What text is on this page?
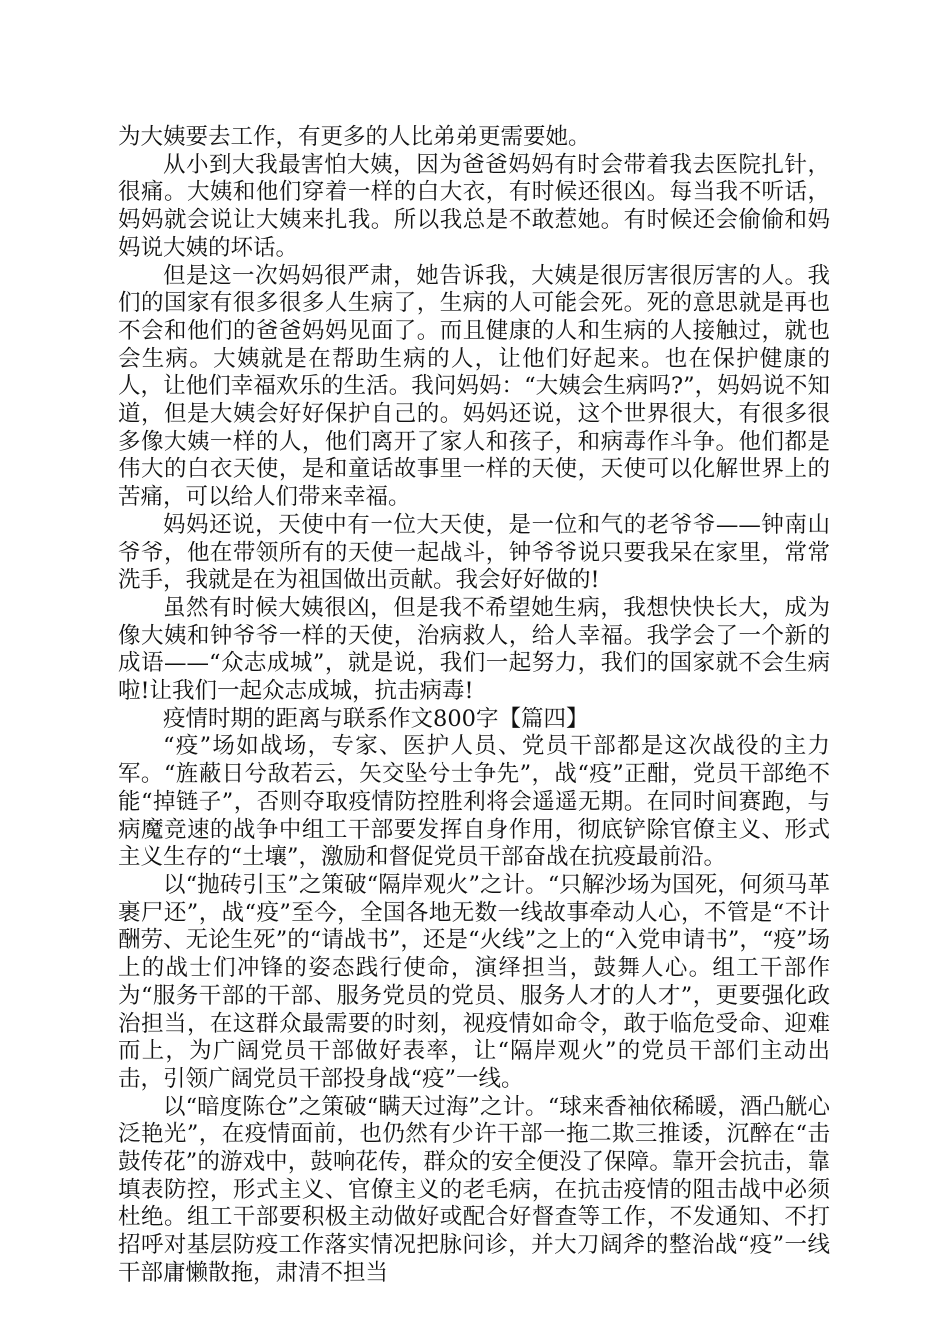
为大姨要去工作，有更多的人比弟弟更需要她。

从小到大我最害怕大姨，因为爸爸妈妈有时会带着我去医院扎针，很痛。大姨和他们穿着一样的白大衣，有时候还很凶。每当我不听话，妈妈就会说让大姨来扎我。所以我总是不敢惹她。有时候还会偷偷和妈妈说大姨的坏话。

但是这一次妈妈很严肃，她告诉我，大姨是很厉害很厉害的人。我们的国家有很多很多人生病了，生病的人可能会死。死的意思就是再也不会和他们的爸爸妈妈见面了。而且健康的人和生病的人接触过，就也会生病。大姨就是在帮助生病的人，让他们好起来。也在保护健康的人，让他们幸福欢乐的生活。我问妈妈：“大姨会生病吗?”，妈妈说不知道，但是大姨会好好保护自己的。妈妈还说，这个世界很大，有很多很多像大姨一样的人，他们离开了家人和孩子，和病毒作斗争。他们都是伟大的白衣天使，是和童话故事里一样的天使，天使可以化解世界上的苦痛，可以给人们带来幸福。

妈妈还说，天使中有一位大天使，是一位和气的老爷爷——钟南山爷爷，他在带领所有的天使一起战斗，钟爷爷说只要我呆在家里，常常洗手，我就是在为祖国做出贡献。我会好好做的!

虽然有时候大姨很凶，但是我不希望她生病，我想快快长大，成为像大姨和钟爷爷一样的天使，治病救人，给人幸福。我学会了一个新的成语——“众志成城”，就是说，我们一起努力，我们的国家就不会生病啦!让我们一起众志成城，抗击病毒!

疫情时期的距离与联系作文800字【篇四】

“疫”场如战场，专家、医护人员、党员干部都是这次战役的主力军。“旌蔽日兮敌若云，矢交坠兮士争先”，战“疫”正酣，党员干部绝不能“掉链子”，否则夺取疫情防控胜利将会遥遥无期。在同时间赛跑，与病魔竞速的战争中组工干部要发挥自身作用，彻底铲除官僚主义、形式主义生存的“土壤”，激励和督促党员干部奋战在抗疫最前沿。

以“抛砖引玉”之策破“隔岸观火”之计。“只解沙场为国死，何须马革裹尸还”，战“疫”至今，全国各地无数一线故事牵动人心，不管是“不计酬劳、无论生死”的“请战书”，还是“火线”之上的“入党申请书”，“疫”场上的战士们冲锋的姿态践行使命，演绎担当，鼓舞人心。组工干部作为“服务干部的干部、服务党员的党员、服务人才的人才”，更要强化政治担当，在这群众最需要的时刻，视疫情如命令，敢于临危受命、迎难而上，为广阔党员干部做好表率，让“隔岸观火”的党员干部们主动出击，引领广阔党员干部投身战“疫”一线。

以“暗度陈仓”之策破“瞒天过海”之计。“球来香袖依稀暖，酒凸觥心泛艳光”，在疫情面前，也仍然有少许干部一拖二欺三推诿，沉醉在“击鼓传花”的游戏中，鼓响花传，群众的安全便没了保障。靠开会抗击，靠填表防控，形式主义、官僚主义的老毛病，在抗击疫情的阻击战中必须杜绝。组工干部要积极主动做好或配合好督查等工作，不发通知、不打招呼对基层防疫工作落实情况把脉问诊，并大刀阔斧的整治战“疫”一线干部庸懒散拖，肃清不担当
